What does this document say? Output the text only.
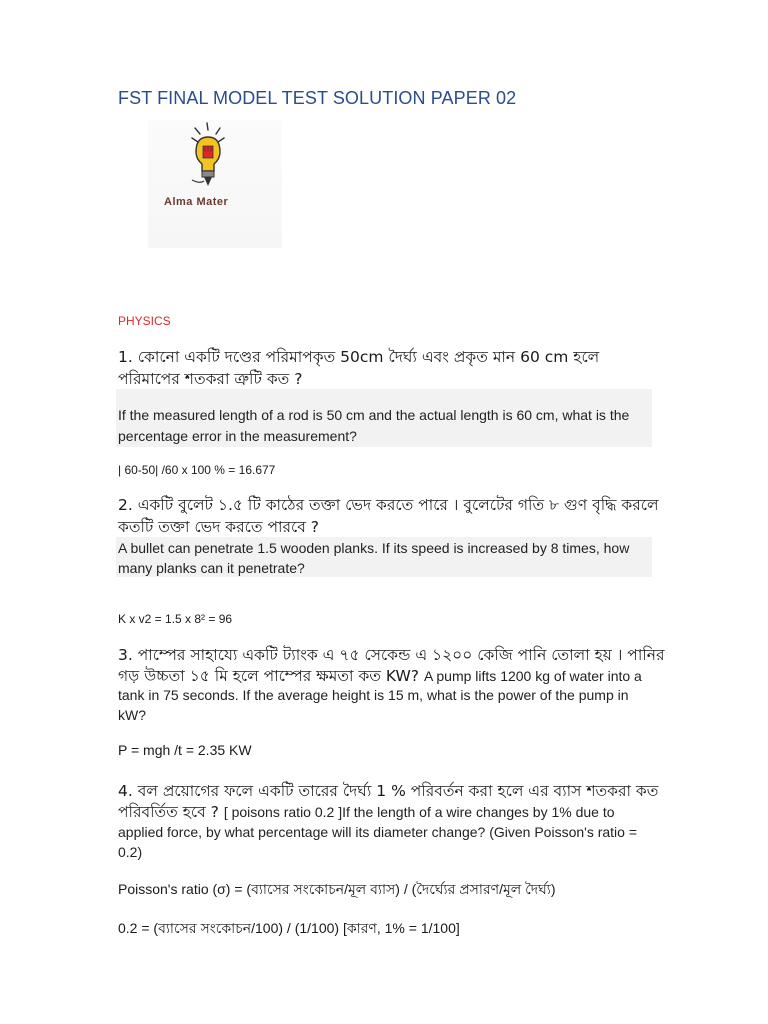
FST FINAL MODEL TEST SOLUTION PAPER 02
Alma Mater
PHYSICS
1. কোনো একটি দণ্ডের পরিমাপকৃত 50cm দৈর্ঘ্য এবং প্রকৃত মান 60 cm হলে
পরিমাপের শতকরা ত্রুটি কত ?
If the measured length of a rod is 50 cm and the actual length is 60 cm, what is the
percentage error in the measurement?
| 60-50| /60 x 100 % = 16.677
2. একটি বুলেট ১.৫ টি কাঠের তক্তা ভেদ করতে পারে । বুলেটের গতি ৮ গুণ বৃদ্ধি করলে
কতটি তক্তা ভেদ করতে পারবে ?
A bullet can penetrate 1.5 wooden planks. If its speed is increased by 8 times, how
many planks can it penetrate?
K x v2 = 1.5 x 8² = 96
3. পাম্পের সাহায্যে একটি ট্যাংক এ ৭৫ সেকেন্ড এ ১২০০ কেজি পানি তোলা হয় । পানির
গড় উচ্চতা ১৫ মি হলে পাম্পের ক্ষমতা কত KW? A pump lifts 1200 kg of water into a
tank in 75 seconds. If the average height is 15 m, what is the power of the pump in
kW?
P = mgh /t = 2.35 KW
4. বল প্রয়োগের ফলে একটি তারের দৈর্ঘ্য 1 % পরিবর্তন করা হলে এর ব্যাস শতকরা কত
পরিবর্তিত হবে ? [ poisons ratio 0.2 ]If the length of a wire changes by 1% due to
applied force, by what percentage will its diameter change? (Given Poisson's ratio =
0.2)
Poisson's ratio (σ) = (ব্যাসের সংকোচন/মূল ব্যাস) / (দৈর্ঘ্যের প্রসারণ/মূল দৈর্ঘ্য)
0.2 = (ব্যাসের সংকোচন/100) / (1/100) [কারণ, 1% = 1/100]
